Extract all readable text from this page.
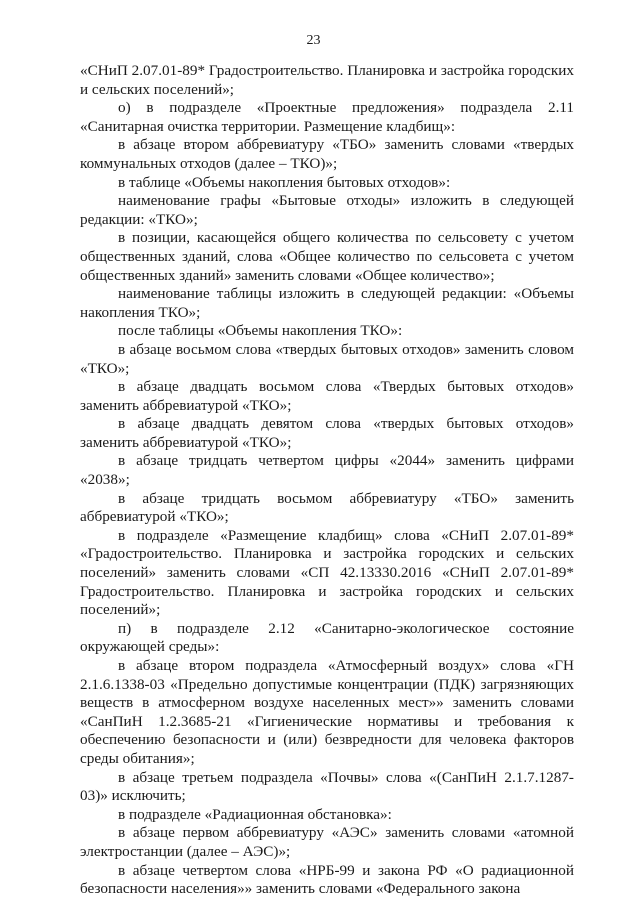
23

«СНиП 2.07.01-89* Градостроительство. Планировка и застройка городских и сельских поселений»;

о) в подразделе «Проектные предложения» подраздела 2.11 «Санитарная очистка территории. Размещение кладбищ»:

в абзаце втором аббревиатуру «ТБО» заменить словами «твердых коммунальных отходов (далее – ТКО)»;

в таблице «Объемы накопления бытовых отходов»:

наименование графы «Бытовые отходы» изложить в следующей редакции: «ТКО»;

в позиции, касающейся общего количества по сельсовету с учетом общественных зданий, слова «Общее количество по сельсовета с учетом общественных зданий» заменить словами «Общее количество»;

наименование таблицы изложить в следующей редакции: «Объемы накопления ТКО»;

после таблицы «Объемы накопления ТКО»:

в абзаце восьмом слова «твердых бытовых отходов» заменить словом «ТКО»;

в абзаце двадцать восьмом слова «Твердых бытовых отходов» заменить аббревиатурой «ТКО»;

в абзаце двадцать девятом слова «твердых бытовых отходов» заменить аббревиатурой «ТКО»;

в абзаце тридцать четвертом цифры «2044» заменить цифрами «2038»;

в абзаце тридцать восьмом аббревиатуру «ТБО» заменить аббревиатурой «ТКО»;

в подразделе «Размещение кладбищ» слова «СНиП 2.07.01-89* «Градостроительство. Планировка и застройка городских и сельских поселений» заменить словами «СП 42.13330.2016 «СНиП 2.07.01-89* Градостроительство. Планировка и застройка городских и сельских поселений»;

п) в подразделе 2.12 «Санитарно-экологическое состояние окружающей среды»:

в абзаце втором подраздела «Атмосферный воздух» слова «ГН 2.1.6.1338-03 «Предельно допустимые концентрации (ПДК) загрязняющих веществ в атмосферном воздухе населенных мест»» заменить словами «СанПиН 1.2.3685-21 «Гигиенические нормативы и требования к обеспечению безопасности и (или) безвредности для человека факторов среды обитания»;

в абзаце третьем подраздела «Почвы» слова «(СанПиН 2.1.7.1287-03)» исключить;

в подразделе «Радиационная обстановка»:

в абзаце первом аббревиатуру «АЭС» заменить словами «атомной электростанции (далее – АЭС)»;

в абзаце четвертом слова «НРБ-99 и закона РФ «О радиационной безопасности населения»» заменить словами «Федерального закона
